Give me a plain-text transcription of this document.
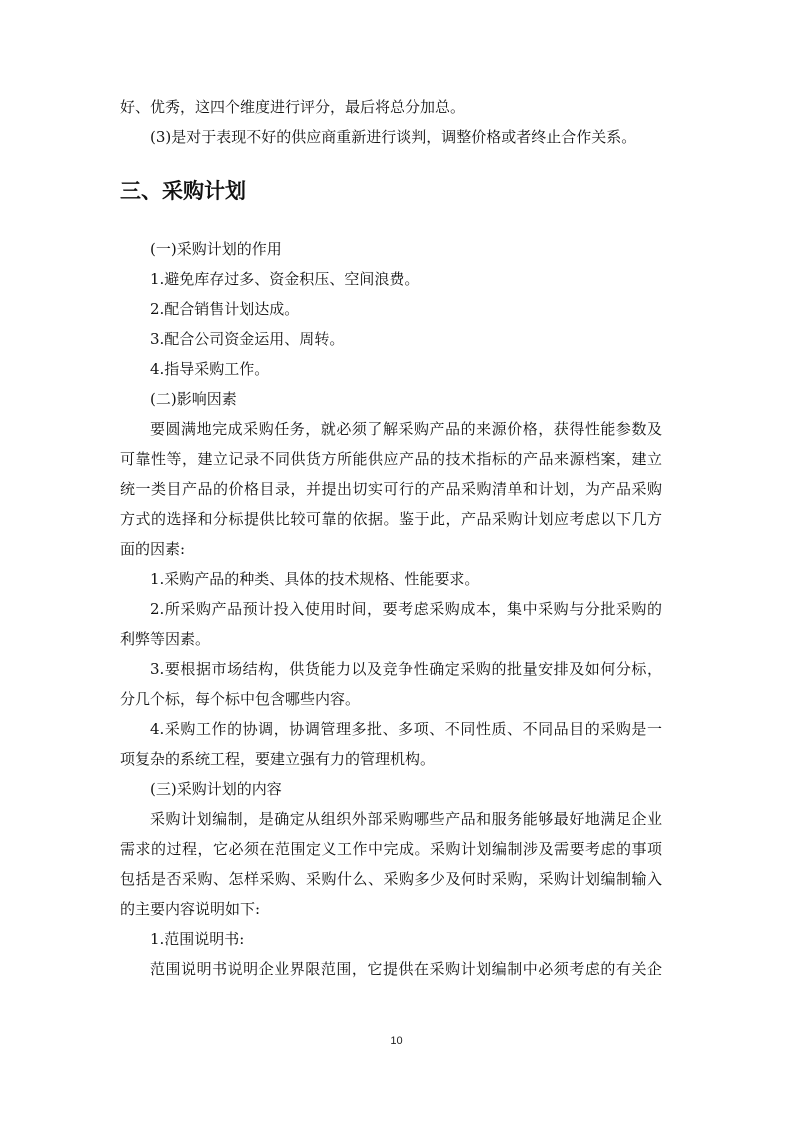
好、优秀，这四个维度进行评分，最后将总分加总。
(3)是对于表现不好的供应商重新进行谈判，调整价格或者终止合作关系。
三、采购计划
(一)采购计划的作用
1.避免库存过多、资金积压、空间浪费。
2.配合销售计划达成。
3.配合公司资金运用、周转。
4.指导采购工作。
(二)影响因素
要圆满地完成采购任务，就必须了解采购产品的来源价格，获得性能参数及
可靠性等，建立记录不同供货方所能供应产品的技术指标的产品来源档案，建立
统一类目产品的价格目录，并提出切实可行的产品采购清单和计划，为产品采购
方式的选择和分标提供比较可靠的依据。鉴于此，产品采购计划应考虑以下几方
面的因素:
1.采购产品的种类、具体的技术规格、性能要求。
2.所采购产品预计投入使用时间，要考虑采购成本，集中采购与分批采购的
利弊等因素。
3.要根据市场结构，供货能力以及竞争性确定采购的批量安排及如何分标，
分几个标，每个标中包含哪些内容。
4.采购工作的协调，协调管理多批、多项、不同性质、不同品目的采购是一
项复杂的系统工程，要建立强有力的管理机构。
(三)采购计划的内容
采购计划编制，是确定从组织外部采购哪些产品和服务能够最好地满足企业
需求的过程，它必须在范围定义工作中完成。采购计划编制涉及需要考虑的事项
包括是否采购、怎样采购、采购什么、采购多少及何时采购，采购计划编制输入
的主要内容说明如下:
1.范围说明书:
范围说明书说明企业界限范围，它提供在采购计划编制中必须考虑的有关企
10
